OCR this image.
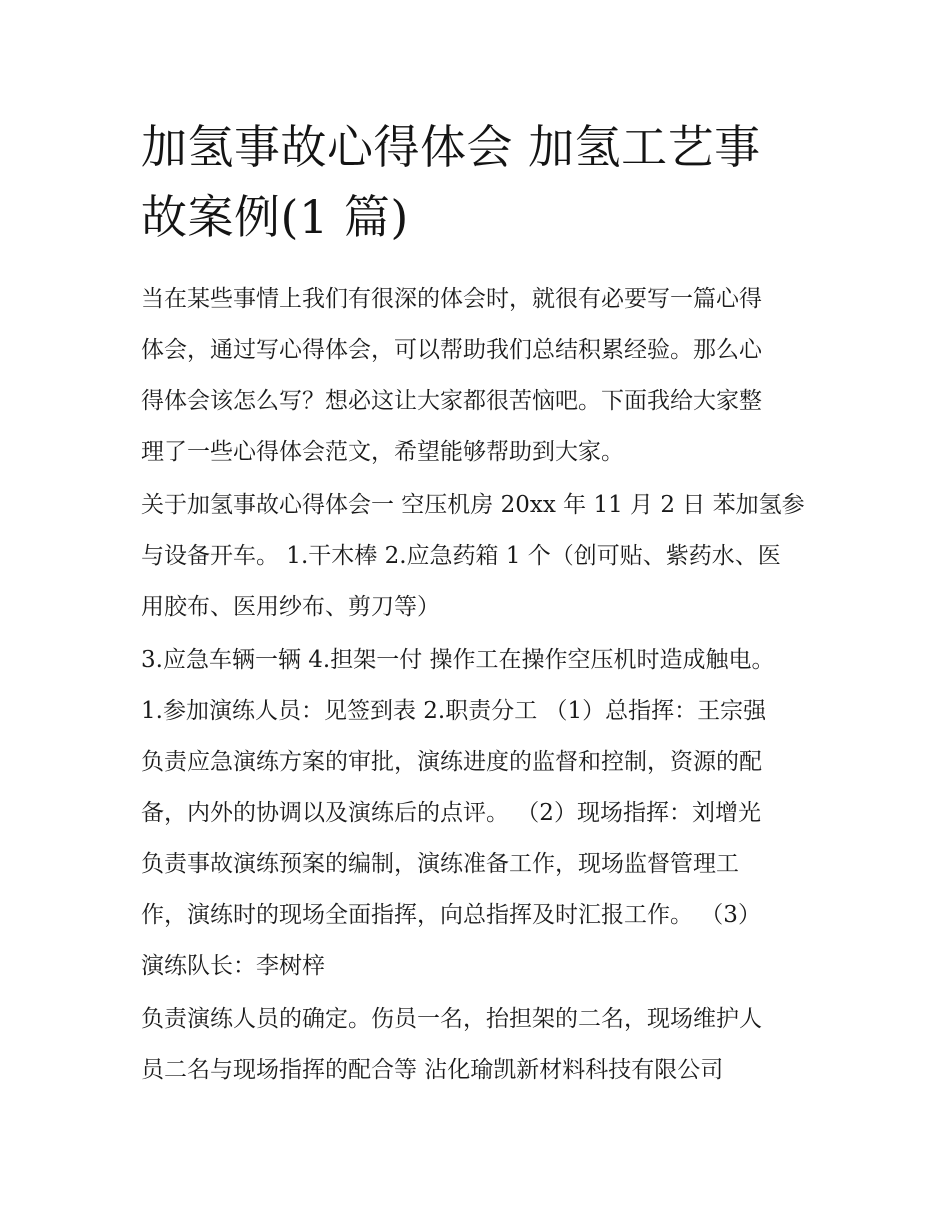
加氢事故心得体会 加氢工艺事
故案例(1 篇)

当在某些事情上我们有很深的体会时，就很有必要写一篇心得
体会，通过写心得体会，可以帮助我们总结积累经验。那么心
得体会该怎么写？想必这让大家都很苦恼吧。下面我给大家整
理了一些心得体会范文，希望能够帮助到大家。

关于加氢事故心得体会一 空压机房 20xx 年 11 月 2 日 苯加氢参
与设备开车。 1.干木棒 2.应急药箱 1 个（创可贴、紫药水、医
用胶布、医用纱布、剪刀等）

3.应急车辆一辆 4.担架一付 操作工在操作空压机时造成触电。
1.参加演练人员：见签到表 2.职责分工 （1）总指挥：王宗强
负责应急演练方案的审批，演练进度的监督和控制，资源的配
备，内外的协调以及演练后的点评。 （2）现场指挥：刘增光
负责事故演练预案的编制，演练准备工作，现场监督管理工
作，演练时的现场全面指挥，向总指挥及时汇报工作。 （3）
演练队长：李树梓

负责演练人员的确定。伤员一名，抬担架的二名，现场维护人
员二名与现场指挥的配合等 沾化瑜凯新材料科技有限公司
